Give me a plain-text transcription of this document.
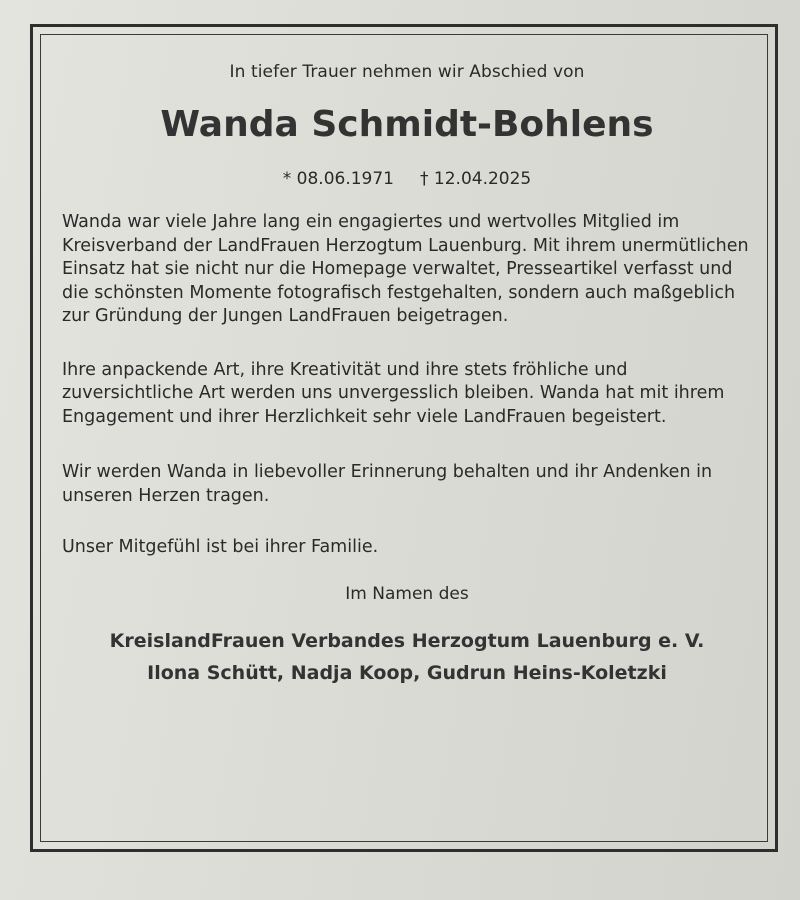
In tiefer Trauer nehmen wir Abschied von

Wanda Schmidt-Bohlens

* 08.06.1971 † 12.04.2025

Wanda war viele Jahre lang ein engagiertes und wertvolles Mitglied im Kreisverband der LandFrauen Herzogtum Lauenburg. Mit ihrem unermütlichen Einsatz hat sie nicht nur die Homepage verwaltet, Presseartikel verfasst und die schönsten Momente fotografisch festgehalten, sondern auch maßgeblich zur Gründung der Jungen LandFrauen beigetragen.

Ihre anpackende Art, ihre Kreativität und ihre stets fröhliche und zuversichtliche Art werden uns unvergesslich bleiben. Wanda hat mit ihrem Engagement und ihrer Herzlichkeit sehr viele LandFrauen begeistert.

Wir werden Wanda in liebevoller Erinnerung behalten und ihr Andenken in unseren Herzen tragen.

Unser Mitgefühl ist bei ihrer Familie.

Im Namen des

KreislandFrauen Verbandes Herzogtum Lauenburg e. V.

Ilona Schütt, Nadja Koop, Gudrun Heins-Koletzki
